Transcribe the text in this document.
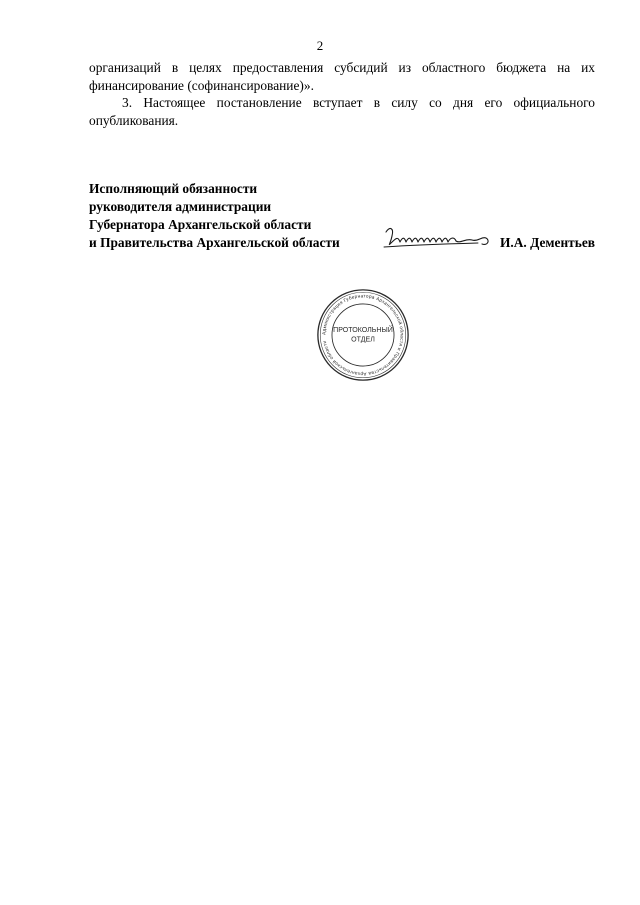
2

организаций в целях предоставления субсидий из областного бюджета на их финансирование (софинансирование)».

3. Настоящее постановление вступает в силу со дня его официального опубликования.

Исполняющий обязанности
руководителя администрации
Губернатора Архангельской области
и Правительства Архангельской области	И.А. Дементьев
Администрация Губернатора Архангельской области и Правительства Архангельской области
ПРОТОКОЛЬНЫЙ
ОТДЕЛ
